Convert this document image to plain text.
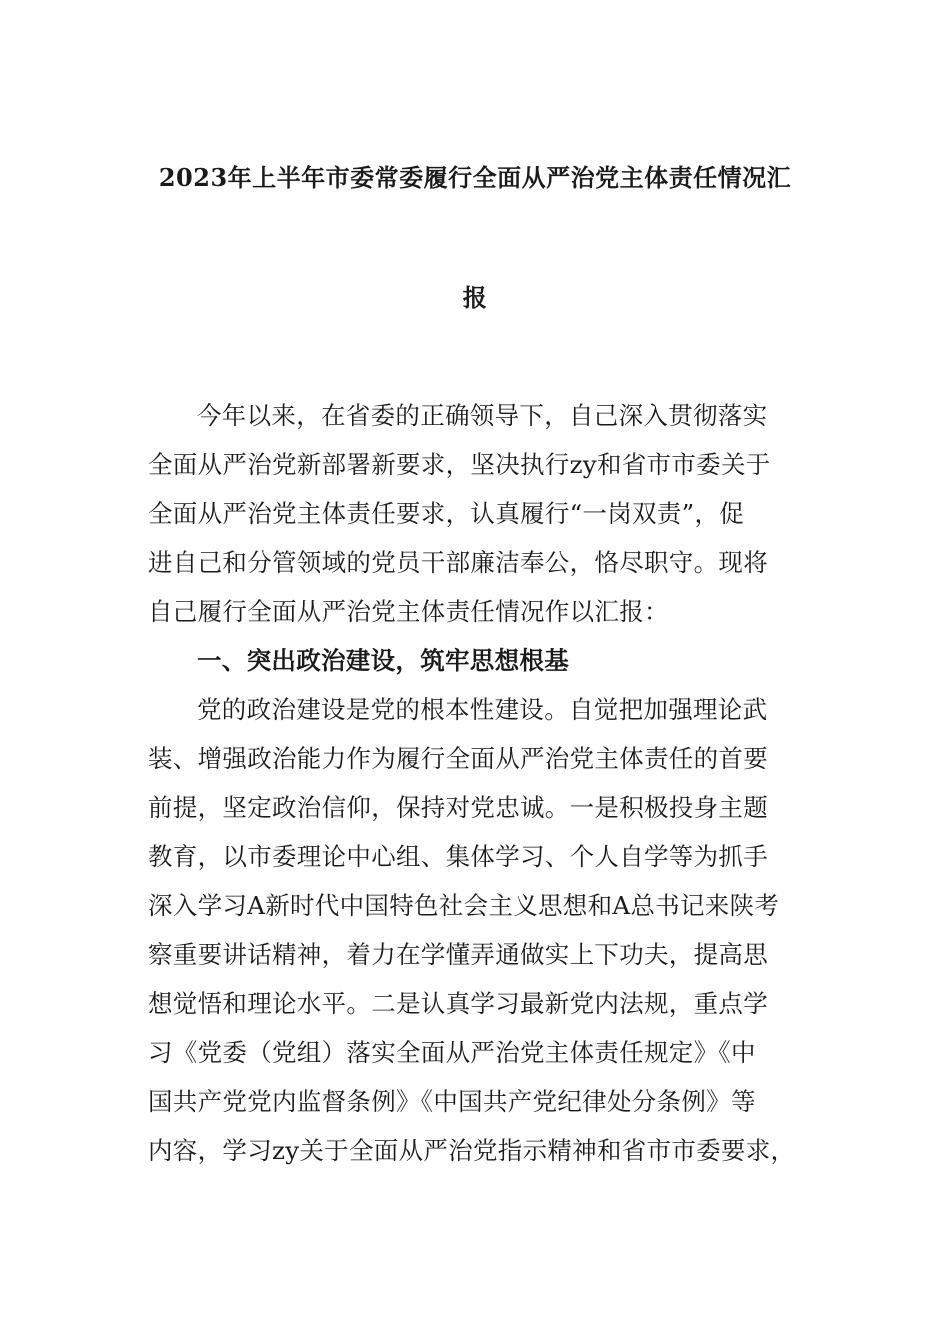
2023年上半年市委常委履行全面从严治党主体责任情况汇
报
今年以来，在省委的正确领导下，自己深入贯彻落实
全面从严治党新部署新要求，坚决执行zy和省市市委关于
全面从严治党主体责任要求，认真履行“一岗双责”，促
进自己和分管领域的党员干部廉洁奉公，恪尽职守。现将
自己履行全面从严治党主体责任情况作以汇报：
一、突出政治建设，筑牢思想根基
党的政治建设是党的根本性建设。自觉把加强理论武
装、增强政治能力作为履行全面从严治党主体责任的首要
前提，坚定政治信仰，保持对党忠诚。一是积极投身主题
教育，以市委理论中心组、集体学习、个人自学等为抓手
深入学习A新时代中国特色社会主义思想和A总书记来陕考
察重要讲话精神，着力在学懂弄通做实上下功夫，提高思
想觉悟和理论水平。二是认真学习最新党内法规，重点学
习《党委（党组）落实全面从严治党主体责任规定》《中
国共产党党内监督条例》《中国共产党纪律处分条例》等
内容，学习zy关于全面从严治党指示精神和省市市委要求，
